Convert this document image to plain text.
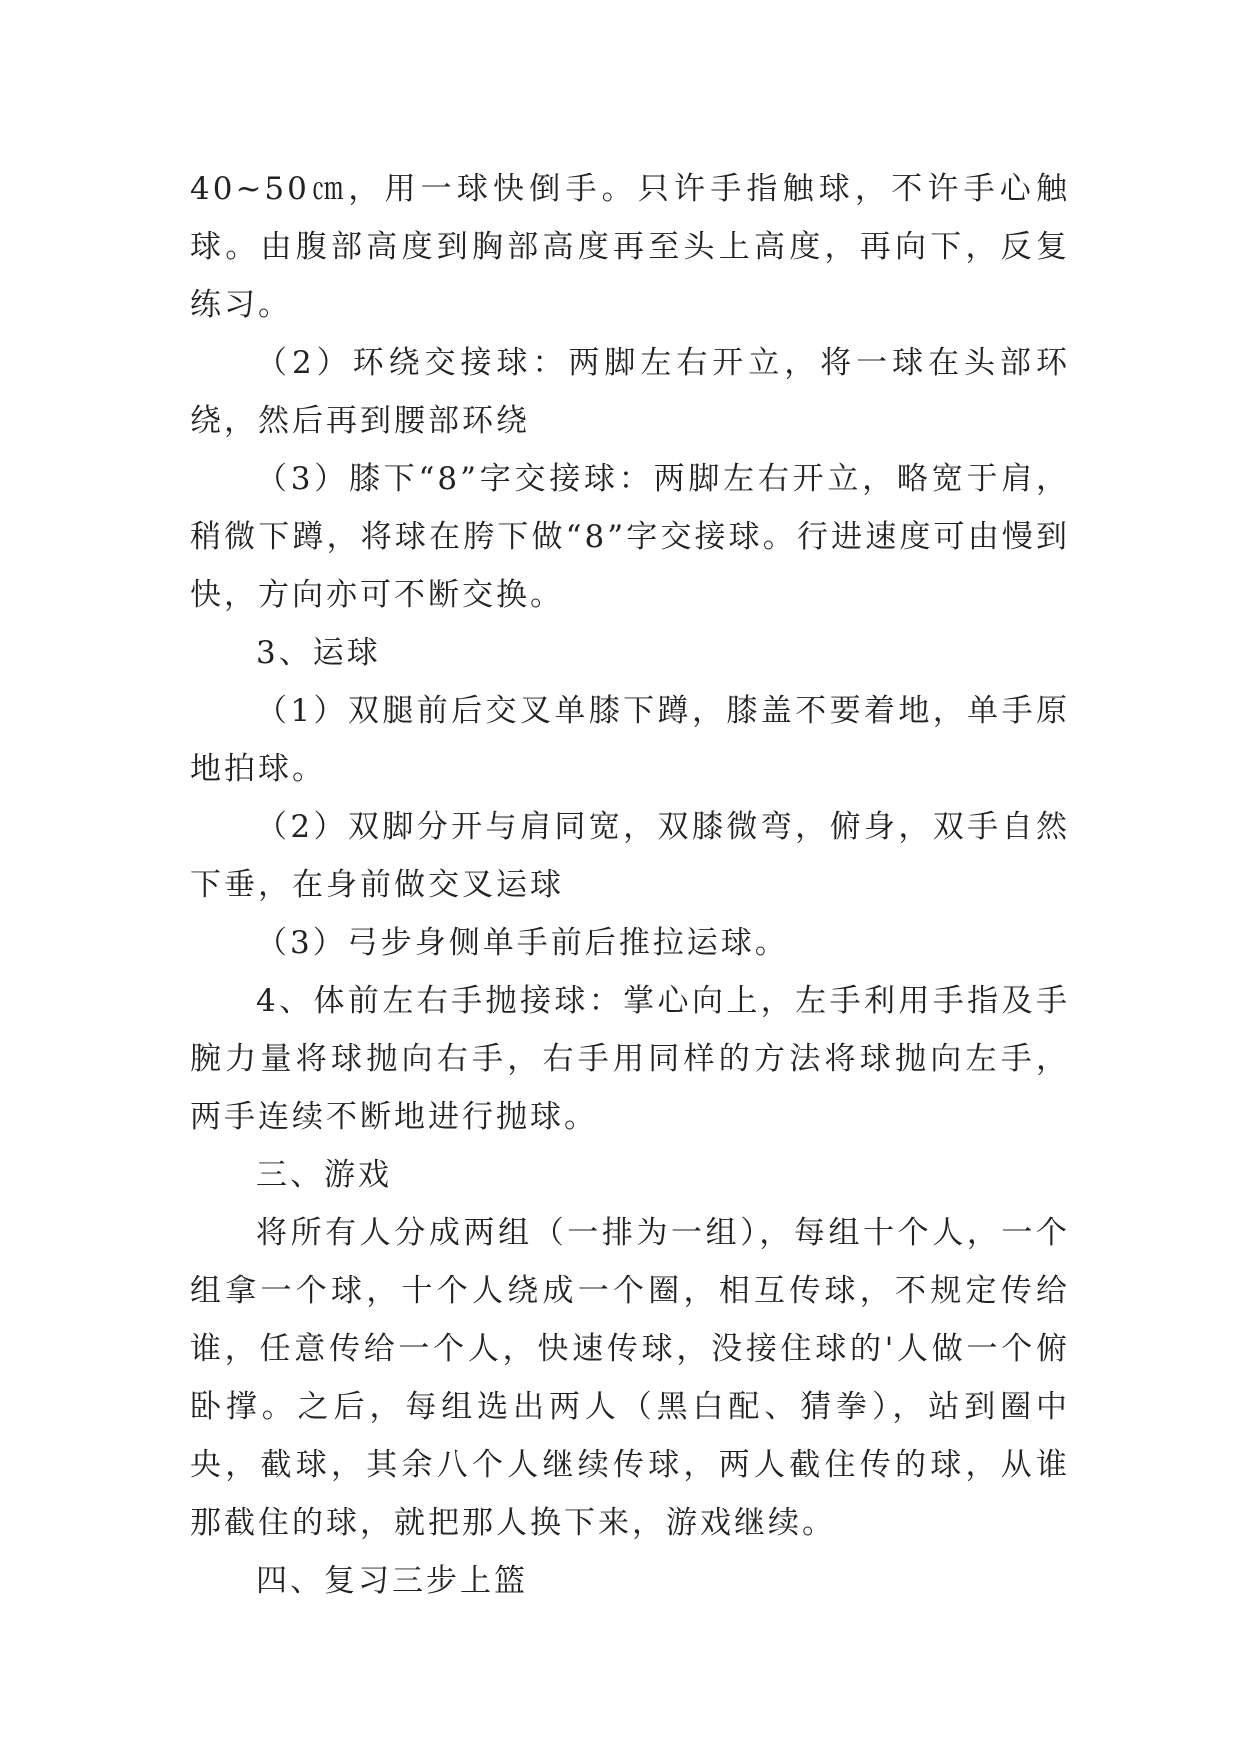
40~50㎝，用一球快倒手。只许手指触球，不许手心触球。由腹部高度到胸部高度再至头上高度，再向下，反复练习。

（2）环绕交接球：两脚左右开立，将一球在头部环绕，然后再到腰部环绕

（3）膝下“8”字交接球：两脚左右开立，略宽于肩，稍微下蹲，将球在胯下做“8”字交接球。行进速度可由慢到快，方向亦可不断交换。

3、运球

（1）双腿前后交叉单膝下蹲，膝盖不要着地，单手原地拍球。

（2）双脚分开与肩同宽，双膝微弯，俯身，双手自然下垂，在身前做交叉运球

（3）弓步身侧单手前后推拉运球。

4、体前左右手抛接球：掌心向上，左手利用手指及手腕力量将球抛向右手，右手用同样的方法将球抛向左手，两手连续不断地进行抛球。

三、游戏

将所有人分成两组（一排为一组），每组十个人，一个组拿一个球，十个人绕成一个圈，相互传球，不规定传给谁，任意传给一个人，快速传球，没接住球的'人做一个俯卧撑。之后，每组选出两人（黑白配、猜拳），站到圈中央，截球，其余八个人继续传球，两人截住传的球，从谁那截住的球，就把那人换下来，游戏继续。

四、复习三步上篮
